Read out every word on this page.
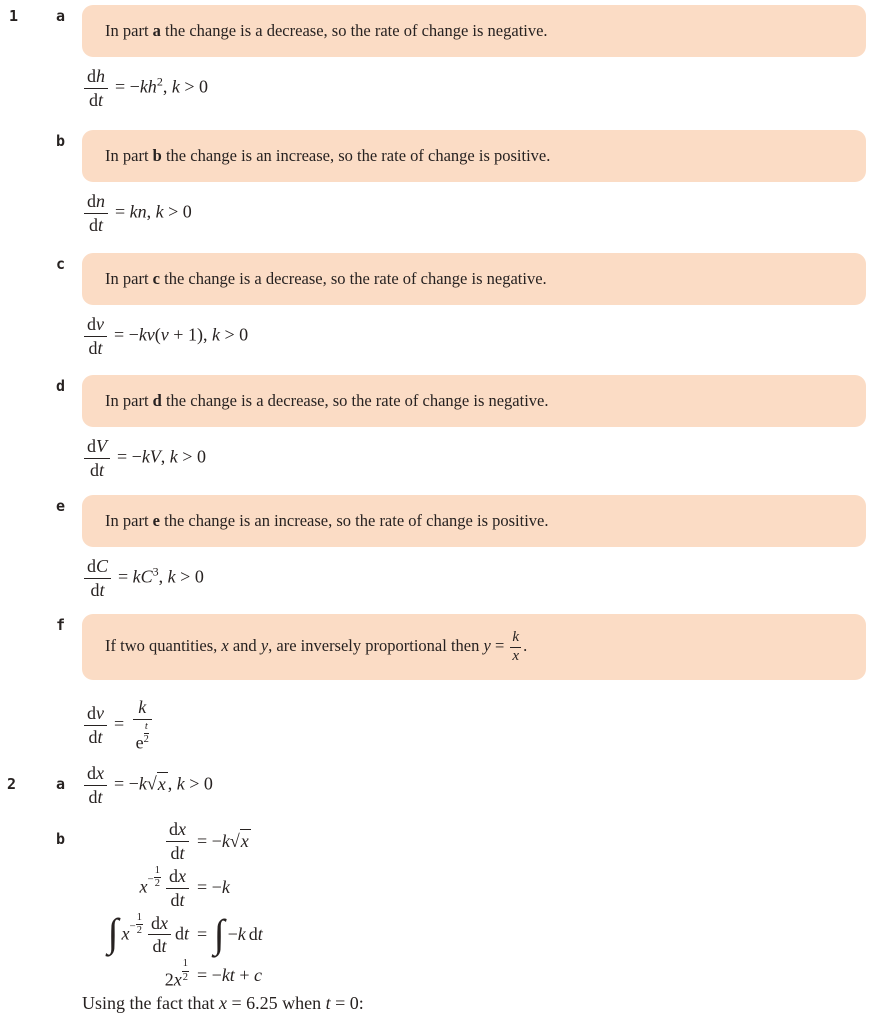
1	a
In part a the change is a decrease, so the rate of change is negative.
$\frac{dh}{dt} = -kh^2$, k > 0
b
In part b the change is an increase, so the rate of change is positive.
$\frac{dn}{dt}$ = kn, k > 0
c
In part c the change is a decrease, so the rate of change is negative.
$\frac{dv}{dt} = -kv(v + 1)$, k > 0
d
In part d the change is a decrease, so the rate of change is negative.
$\frac{dV}{dt} = -kV$, k > 0
e
In part e the change is an increase, so the rate of change is positive.
$\frac{dC}{dt} = kC^3$, k > 0
f
If two quantities, x and y, are inversely proportional then $y = \frac{k}{x}$ .
$\frac{dv}{dt} = \frac{k}{e \frac{t}{2}}$
2	a $\frac{dx}{dt} = -k√x$ , k > 0
b	$\frac{dx}{dt} = -k√x$
$x^- \frac{1}{2} \frac{dx}{dt} = -k$
∫ $x^- \frac{1}{2} \frac{dx}{dt}$ dt = ∫ −k dt
$2x \frac{1}{2} = -kt + c$
Using the fact that x = 6.25 when t = 0:
